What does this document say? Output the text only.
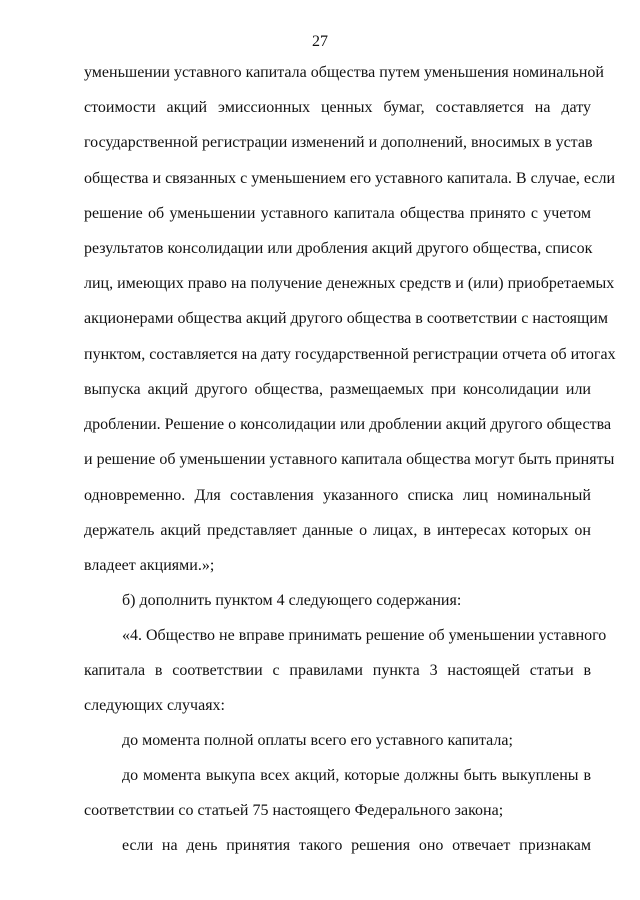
27
уменьшении уставного капитала общества путем уменьшения номинальной
стоимости акций эмиссионных ценных бумаг, составляется на дату
государственной регистрации изменений и дополнений, вносимых в устав
общества и связанных с уменьшением его уставного капитала. В случае, если
решение об уменьшении уставного капитала общества принято с учетом
результатов консолидации или дробления акций другого общества, список
лиц, имеющих право на получение денежных средств и (или) приобретаемых
акционерами общества акций другого общества в соответствии с настоящим
пунктом, составляется на дату государственной регистрации отчета об итогах
выпуска акций другого общества, размещаемых при консолидации или
дроблении. Решение о консолидации или дроблении акций другого общества
и решение об уменьшении уставного капитала общества могут быть приняты
одновременно. Для составления указанного списка лиц номинальный
держатель акций представляет данные о лицах, в интересах которых он
владеет акциями.»;
б) дополнить пунктом 4 следующего содержания:
«4. Общество не вправе принимать решение об уменьшении уставного
капитала в соответствии с правилами пункта 3 настоящей статьи в
следующих случаях:
до момента полной оплаты всего его уставного капитала;
до момента выкупа всех акций, которые должны быть выкуплены в
соответствии со статьей 75 настоящего Федерального закона;
если на день принятия такого решения оно отвечает признакам
